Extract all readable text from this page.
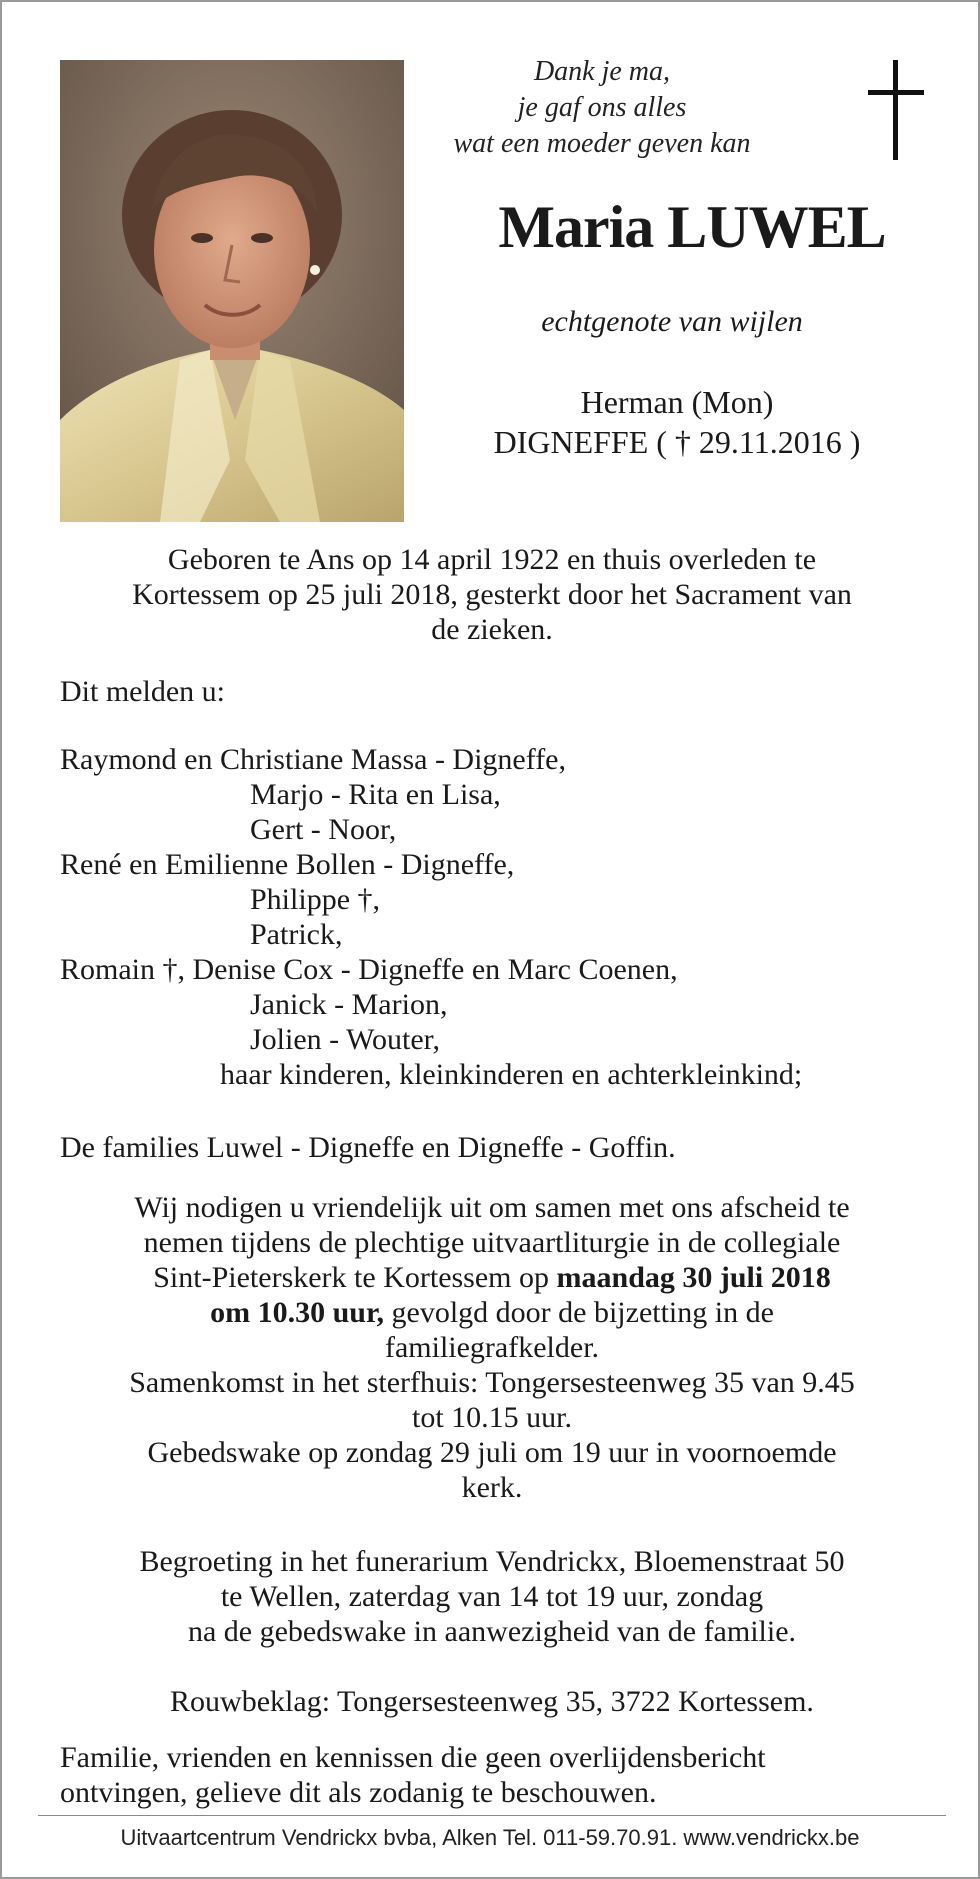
Dank je ma,
je gaf ons alles
wat een moeder geven kan
Maria LUWEL
echtgenote van wijlen
Herman (Mon)
DIGNEFFE ( † 29.11.2016 )
Geboren te Ans op 14 april 1922 en thuis overleden te
Kortessem op 25 juli 2018, gesterkt door het Sacrament van
de zieken.
Dit melden u:
Raymond en Christiane Massa - Digneffe,
Marjo - Rita en Lisa,
Gert - Noor,
René en Emilienne Bollen - Digneffe,
Philippe †,
Patrick,
Romain †, Denise Cox - Digneffe en Marc Coenen,
Janick - Marion,
Jolien - Wouter,
haar kinderen, kleinkinderen en achterkleinkind;
De families Luwel - Digneffe en Digneffe - Goffin.
Wij nodigen u vriendelijk uit om samen met ons afscheid te
nemen tijdens de plechtige uitvaartliturgie in de collegiale
Sint-Pieterskerk te Kortessem op maandag 30 juli 2018
om 10.30 uur, gevolgd door de bijzetting in de
familiegrafkelder.
Samenkomst in het sterfhuis: Tongersesteenweg 35 van 9.45
tot 10.15 uur.
Gebedswake op zondag 29 juli om 19 uur in voornoemde
kerk.
Begroeting in het funerarium Vendrickx, Bloemenstraat 50
te Wellen, zaterdag van 14 tot 19 uur, zondag
na de gebedswake in aanwezigheid van de familie.
Rouwbeklag: Tongersesteenweg 35, 3722 Kortessem.
Familie, vrienden en kennissen die geen overlijdensbericht
ontvingen, gelieve dit als zodanig te beschouwen.
Uitvaartcentrum Vendrickx bvba, Alken Tel. 011-59.70.91. www.vendrickx.be
